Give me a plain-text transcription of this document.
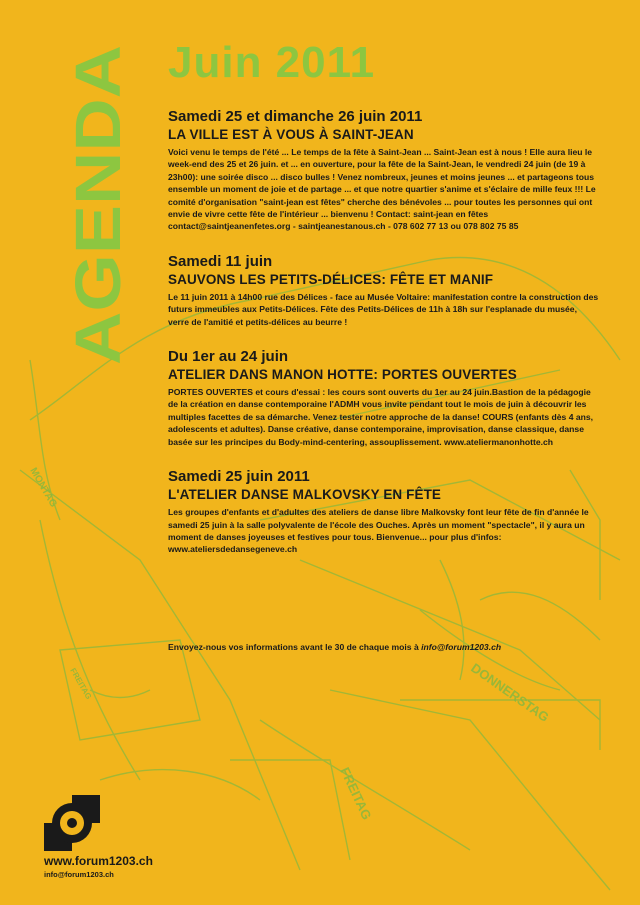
MONTAG
FREITAG	DONNERSTAG
FREITAG
AGENDA
Juin 2011

Samedi 25 et dimanche 26 juin 2011

LA VILLE EST À VOUS À SAINT-JEAN

Voici venu le temps de l'été ... Le temps de la fête à Saint-Jean ... Saint-Jean est à nous ! Elle aura lieu le week-end des 25 et 26 juin. et ... en ouverture, pour la fête de la Saint-Jean, le vendredi 24 juin (de 19 à 23h00): une soirée disco ... disco bulles ! Venez nombreux, jeunes et moins jeunes ... et partageons tous ensemble un moment de joie et de partage ... et que notre quartier s'anime et s'éclaire de mille feux !!! Le comité d'organisation "saint-jean est fêtes" cherche des bénévoles ... pour toutes les personnes qui ont envie de vivre cette fête de l'intérieur ... bienvenu ! Contact: saint-jean en fêtes contact@saintjeanenfetes.org - saintjeanestanous.ch - 078 602 77 13 ou 078 802 75 85

Samedi 11 juin

SAUVONS LES PETITS-DÉLICES: FÊTE ET MANIF

Le 11 juin 2011 à 14h00 rue des Délices - face au Musée Voltaire: manifestation contre la construction des futurs immeubles aux Petits-Délices. Fête des Petits-Délices de 11h à 18h sur l'esplanade du musée, verre de l'amitié et petits-délices au beurre !

Du 1er au 24 juin

ATELIER DANS MANON HOTTE: PORTES OUVERTES

PORTES OUVERTES et cours d'essai : les cours sont ouverts du 1er au 24 juin.Bastion de la pédagogie de la création en danse contemporaine l'ADMH vous invite pendant tout le mois de juin à découvrir les multiples facettes de sa démarche. Venez tester notre approche de la danse! COURS (enfants dès 4 ans, adolescents et adultes). Danse créative, danse contemporaine, improvisation, danse classique, danse basée sur les principes du Body-mind-centering, assouplissement. www.ateliermanonhotte.ch

Samedi 25 juin 2011

L'ATELIER DANSE MALKOVSKY EN FÊTE

Les groupes d'enfants et d'adultes des ateliers de danse libre Malkovsky font leur fête de fin d'année le samedi 25 juin à la salle polyvalente de l'école des Ouches. Après un moment "spectacle", il y aura un moment de danses joyeuses et festives pour tous. Bienvenue... pour plus d'infos: www.ateliersdedansegeneve.ch

Envoyez-nous vos informations avant le 30 de chaque mois à info@forum1203.ch

www.forum1203.ch

info@forum1203.ch
